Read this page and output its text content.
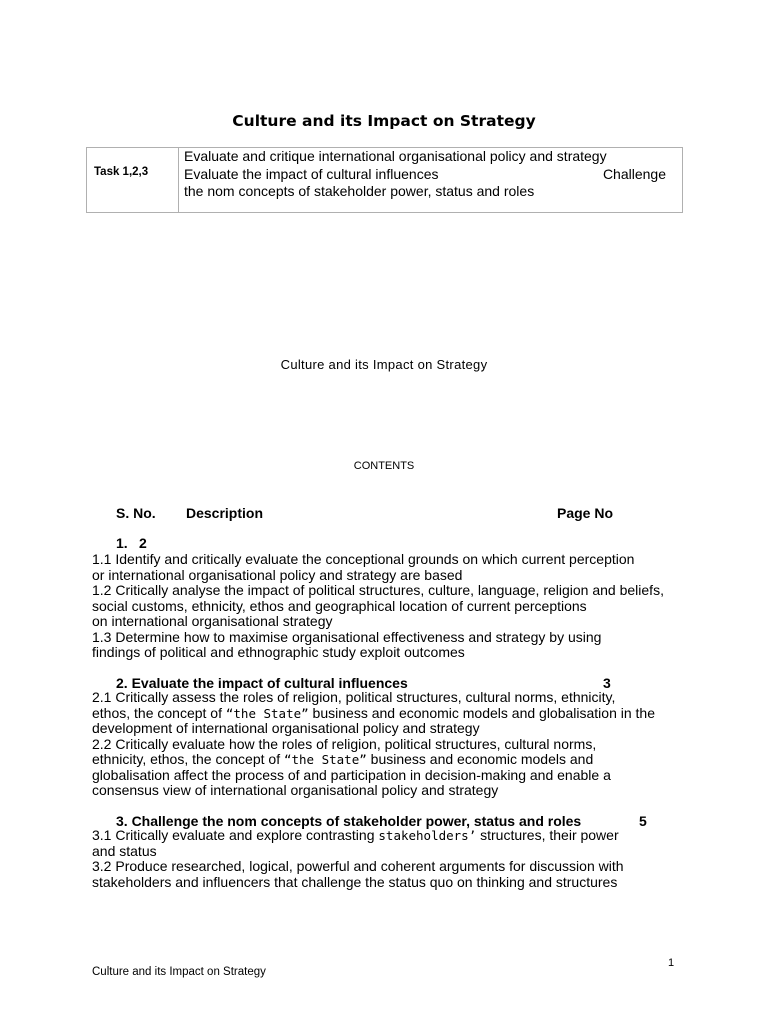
Culture and its Impact on Strategy
Task 1,2,3
Evaluate and critique international organisational policy and strategy
Evaluate the impact of cultural influences	Challenge
the nom concepts of stakeholder power, status and roles
Culture and its Impact on Strategy
CONTENTS
S. No. Description	Page No
1. 2

1.1 Identify and critically evaluate the conceptional grounds on which current perception

or international organisational policy and strategy are based

1.2 Critically analyse the impact of political structures, culture, language, religion and beliefs,

social customs, ethnicity, ethos and geographical location of current perceptions

on international organisational strategy

1.3 Determine how to maximise organisational effectiveness and strategy by using

findings of political and ethnographic study exploit outcomes

2. Evaluate the impact of cultural influences	3

2.1 Critically assess the roles of religion, political structures, cultural norms, ethnicity,

ethos, the concept of “the State” business and economic models and globalisation in the

development of international organisational policy and strategy

2.2 Critically evaluate how the roles of religion, political structures, cultural norms,

ethnicity, ethos, the concept of “the State” business and economic models and

globalisation affect the process of and participation in decision-making and enable a

consensus view of international organisational policy and strategy

3. Challenge the nom concepts of stakeholder power, status and roles	5

3.1 Critically evaluate and explore contrasting stakeholders’ structures, their power

and status

3.2 Produce researched, logical, powerful and coherent arguments for discussion with

stakeholders and influencers that challenge the status quo on thinking and structures

Culture and its Impact on Strategy
1
